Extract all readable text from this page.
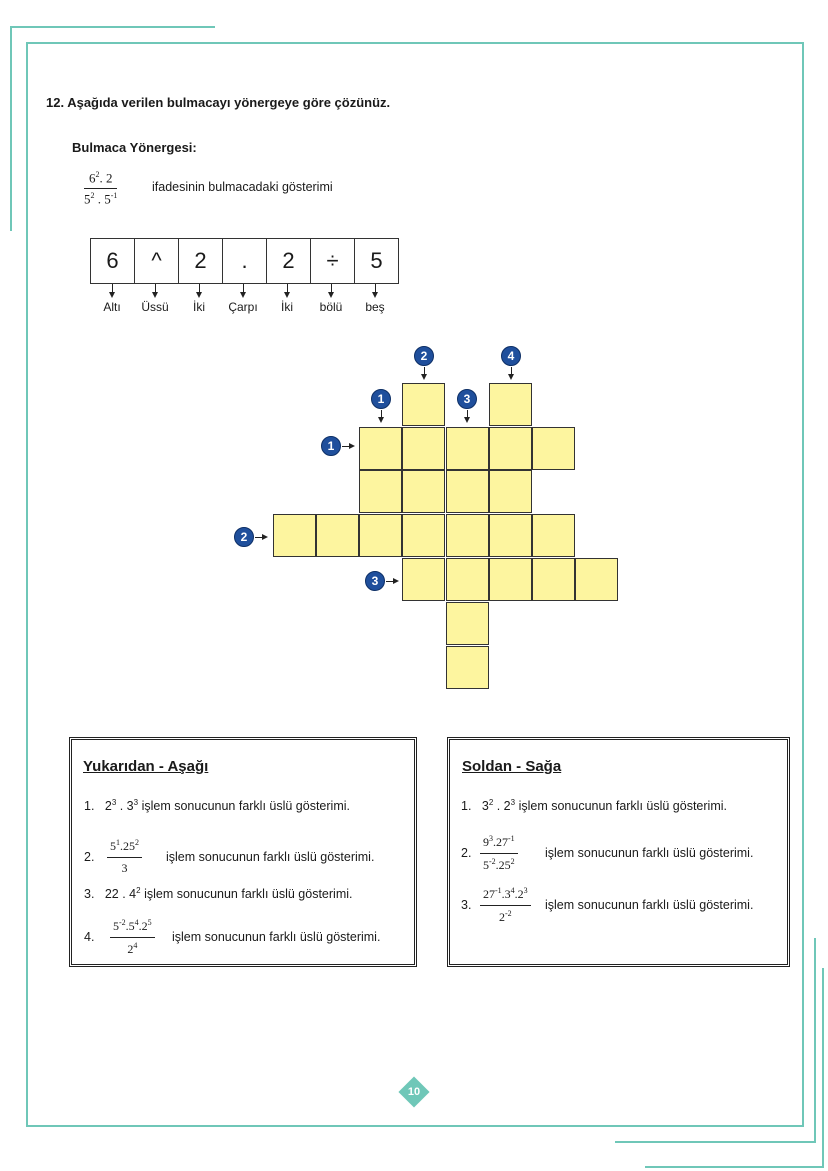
12. Aşağıda verilen bulmacayı yönergeye göre çözünüz.
Bulmaca Yönergesi:
$\frac{6^2. 2}{5^2 . 5^{-1}}$	ifadesinin bulmacadaki gösterimi
6	^	2	.	2	÷	5
Altı	Üssü	İki	Çarpı	İki	bölü	beş
1
2
3
4
1
2
3
Yukarıdan - Aşağı
1. $2^3$ . $3^3$ işlem sonucunun farklı üslü gösterimi.
2. $\frac{5^1.25^2}{3}$ işlem sonucunun farklı üslü gösterimi.
3. 22 . $4^2$ işlem sonucunun farklı üslü gösterimi.
4. $\frac{5^{-2}.5^4.2^5}{2^4}$ işlem sonucunun farklı üslü gösterimi.
Soldan - Sağa
1. $3^2$ . $2^3$ işlem sonucunun farklı üslü gösterimi.
2. $\frac{9^3.27^{-1}}{5^{-2}.25^2}$ işlem sonucunun farklı üslü gösterimi.
3. $\frac{27^{-1}.3^4.2^3}{2^{-2}}$ işlem sonucunun farklı üslü gösterimi.
10
